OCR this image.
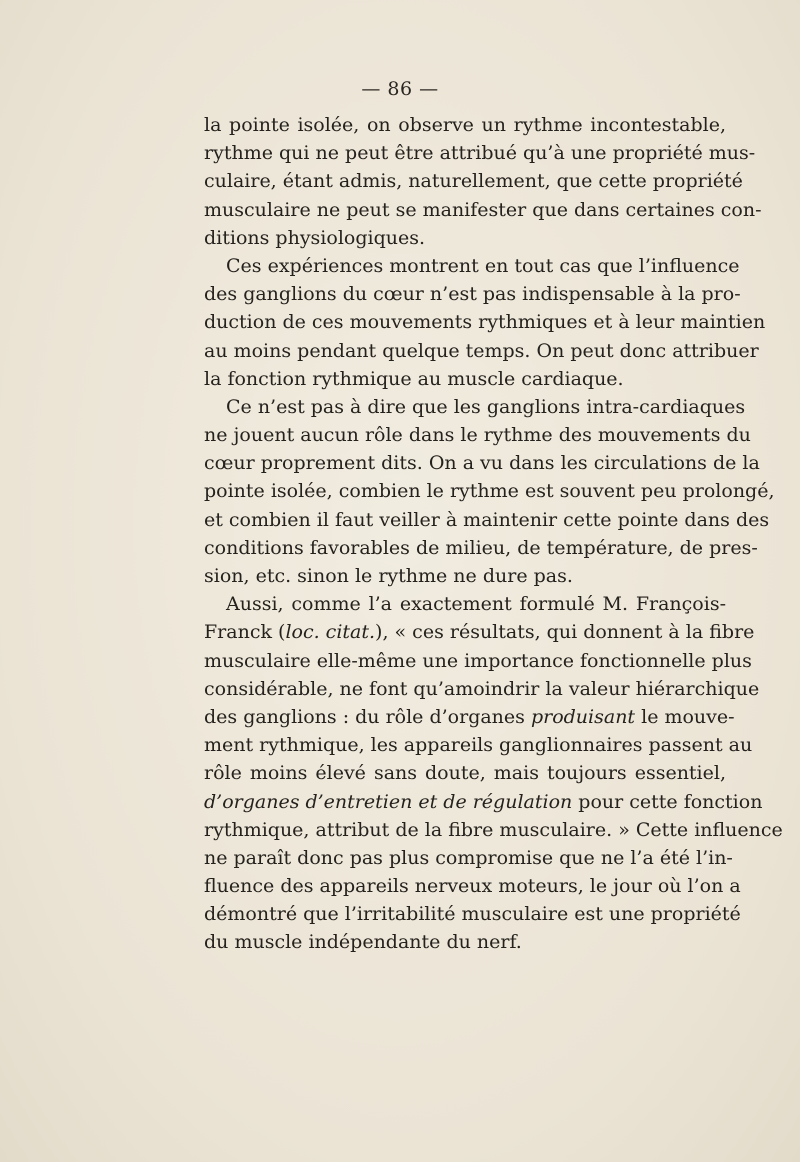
— 86 —
la pointe isolée, on observe un rythme incontestable,
rythme qui ne peut être attribué qu’à une propriété mus-
culaire, étant admis, naturellement, que cette propriété
musculaire ne peut se manifester que dans certaines con-
ditions physiologiques.
Ces expériences montrent en tout cas que l’influence
des ganglions du cœur n’est pas indispensable à la pro-
duction de ces mouvements rythmiques et à leur maintien
au moins pendant quelque temps. On peut donc attribuer
la fonction rythmique au muscle cardiaque.
Ce n’est pas à dire que les ganglions intra-cardiaques
ne jouent aucun rôle dans le rythme des mouvements du
cœur proprement dits. On a vu dans les circulations de la
pointe isolée, combien le rythme est souvent peu prolongé,
et combien il faut veiller à maintenir cette pointe dans des
conditions favorables de milieu, de température, de pres-
sion, etc. sinon le rythme ne dure pas.
Aussi, comme l’a exactement formulé M. François-
Franck (loc. citat.), « ces résultats, qui donnent à la fibre
musculaire elle-même une importance fonctionnelle plus
considérable, ne font qu’amoindrir la valeur hiérarchique
des ganglions : du rôle d’organes produisant le mouve-
ment rythmique, les appareils ganglionnaires passent au
rôle moins élevé sans doute, mais toujours essentiel,
d’organes d’entretien et de régulation pour cette fonction
rythmique, attribut de la fibre musculaire. » Cette influence
ne paraît donc pas plus compromise que ne l’a été l’in-
fluence des appareils nerveux moteurs, le jour où l’on a
démontré que l’irritabilité musculaire est une propriété
du muscle indépendante du nerf.
